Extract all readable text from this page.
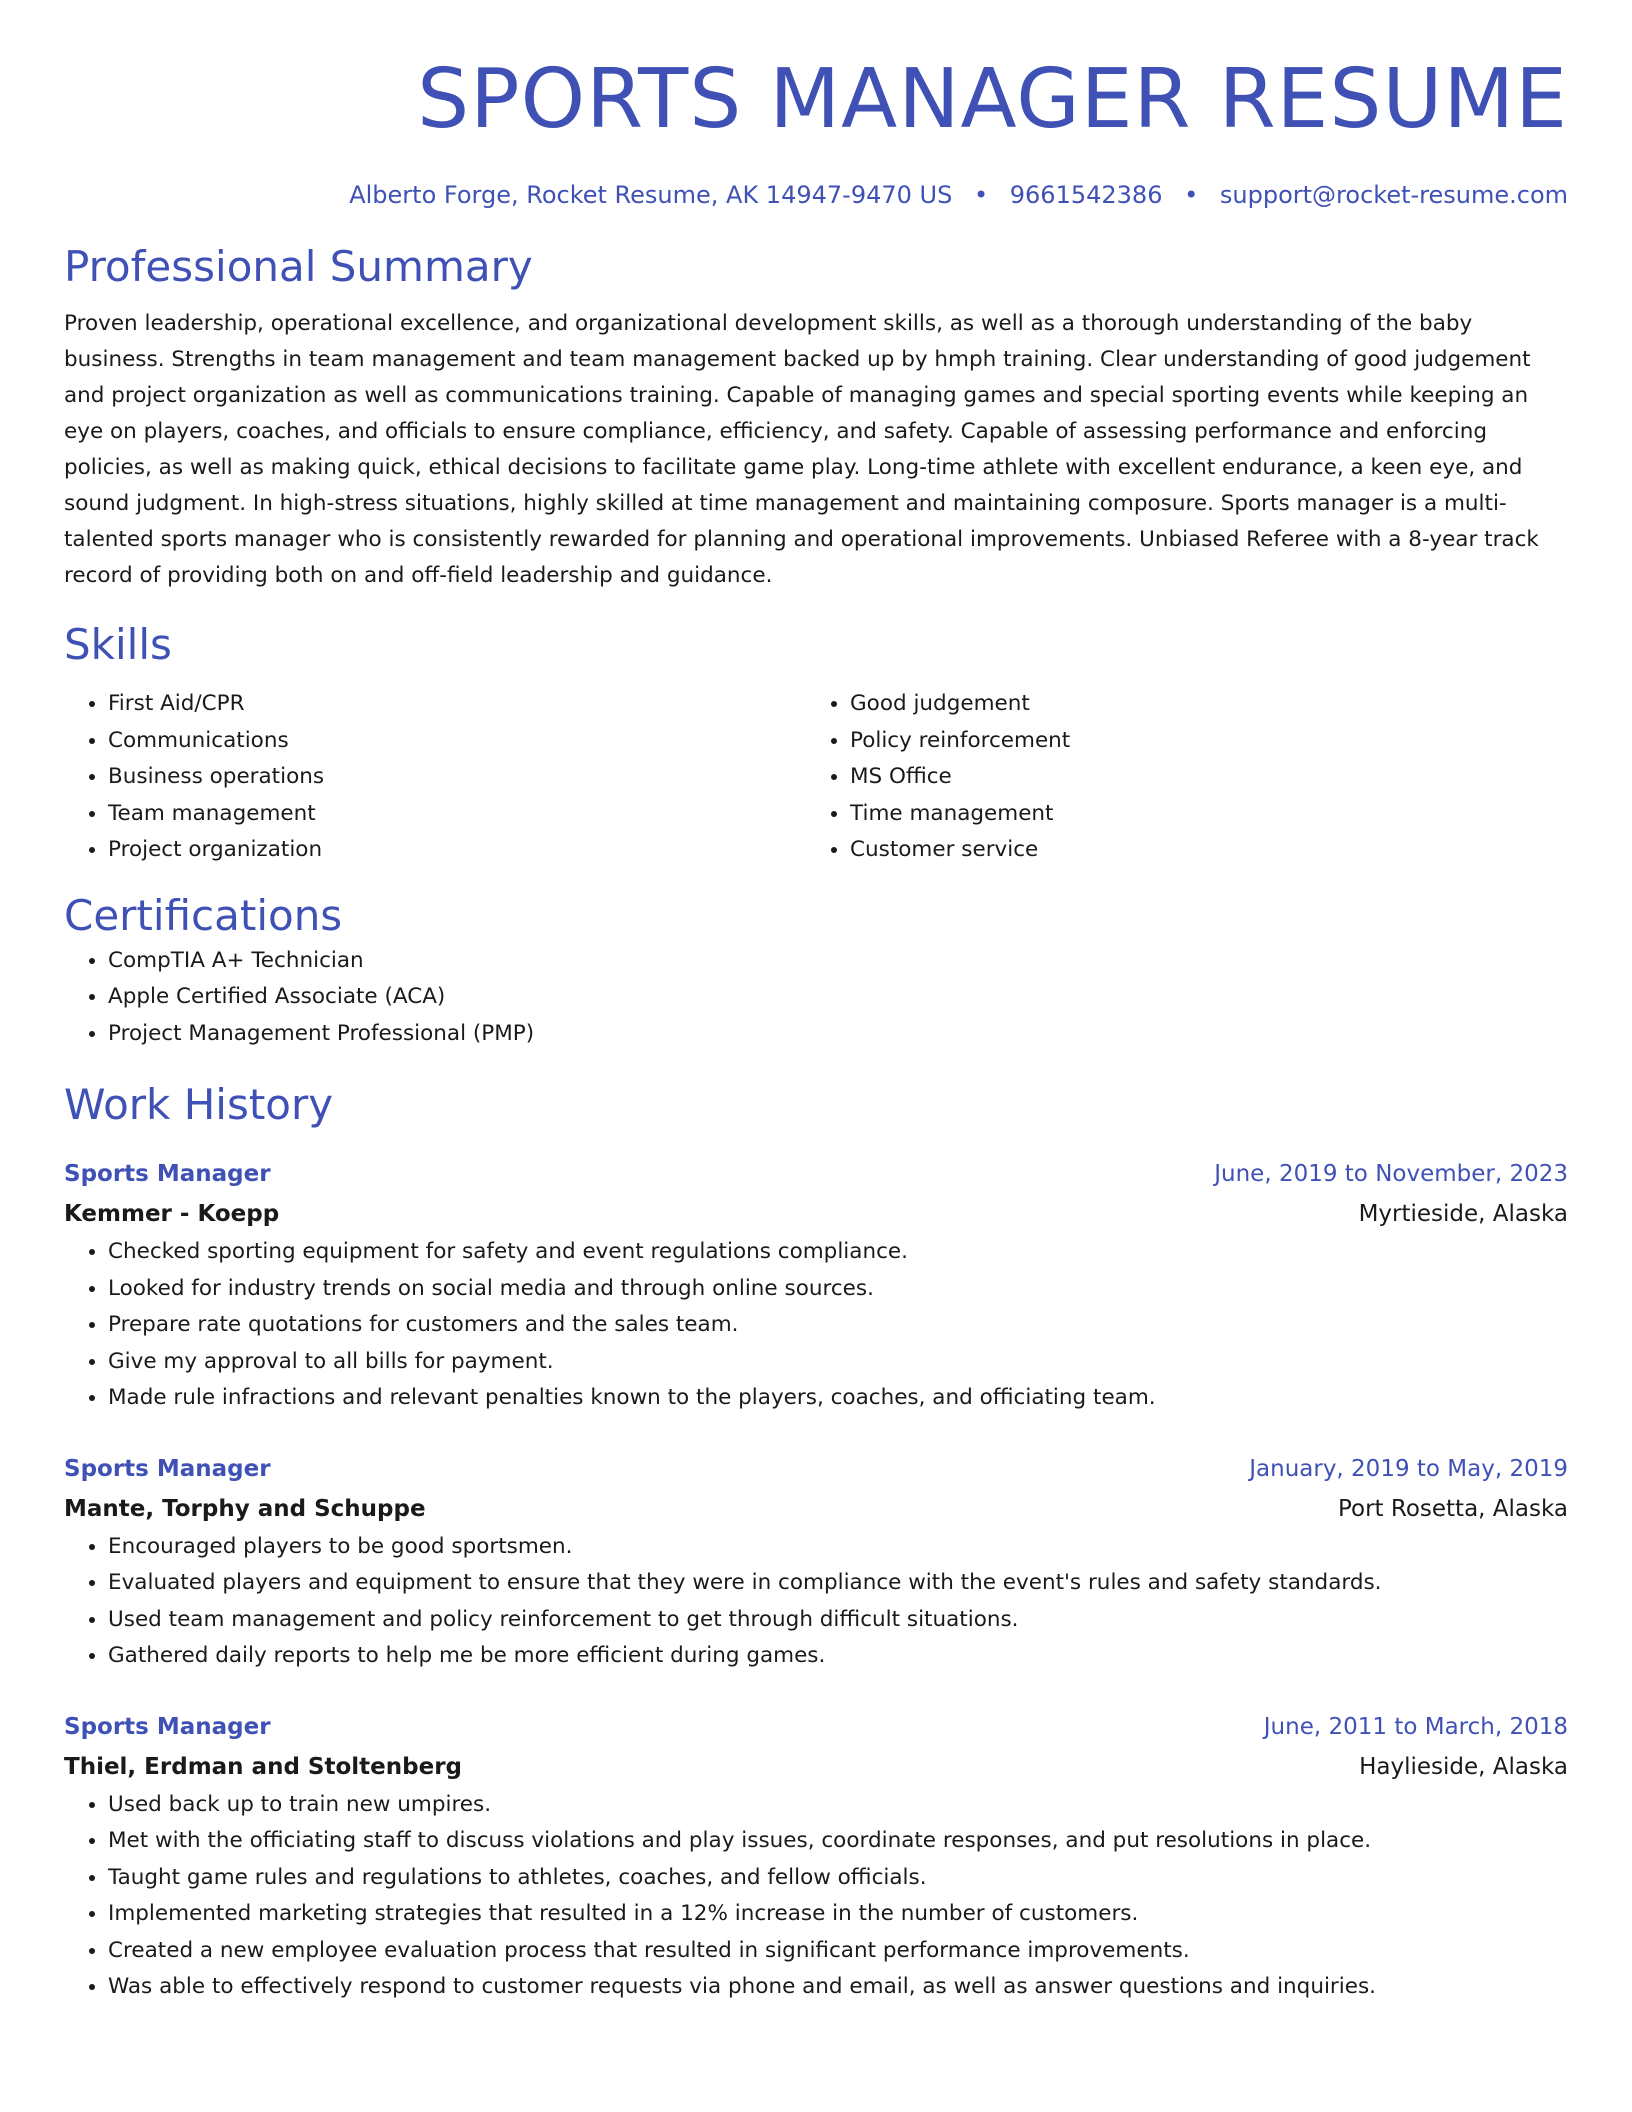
SPORTS MANAGER RESUME
Alberto Forge, Rocket Resume, AK 14947-9470 US • 9661542386 • support@rocket-resume.com
Professional Summary
Proven leadership, operational excellence, and organizational development skills, as well as a thorough understanding of the baby business. Strengths in team management and team management backed up by hmph training. Clear understanding of good judgement and project organization as well as communications training. Capable of managing games and special sporting events while keeping an eye on players, coaches, and officials to ensure compliance, efficiency, and safety. Capable of assessing performance and enforcing policies, as well as making quick, ethical decisions to facilitate game play. Long-time athlete with excellent endurance, a keen eye, and sound judgment. In high-stress situations, highly skilled at time management and maintaining composure. Sports manager is a multi-talented sports manager who is consistently rewarded for planning and operational improvements. Unbiased Referee with a 8-year track record of providing both on and off-field leadership and guidance.
Skills
• First Aid/CPR
• Communications
• Business operations
• Team management
• Project organization
• Good judgement
• Policy reinforcement
• MS Office
• Time management
• Customer service
Certifications
• CompTIA A+ Technician
• Apple Certified Associate (ACA)
• Project Management Professional (PMP)
Work History
Sports Manager	June, 2019 to November, 2023
Kemmer - Koepp	Myrtieside, Alaska
• Checked sporting equipment for safety and event regulations compliance.
• Looked for industry trends on social media and through online sources.
• Prepare rate quotations for customers and the sales team.
• Give my approval to all bills for payment.
• Made rule infractions and relevant penalties known to the players, coaches, and officiating team.
Sports Manager	January, 2019 to May, 2019
Mante, Torphy and Schuppe	Port Rosetta, Alaska
• Encouraged players to be good sportsmen.
• Evaluated players and equipment to ensure that they were in compliance with the event's rules and safety standards.
• Used team management and policy reinforcement to get through difficult situations.
• Gathered daily reports to help me be more efficient during games.
Sports Manager	June, 2011 to March, 2018
Thiel, Erdman and Stoltenberg	Haylieside, Alaska
• Used back up to train new umpires.
• Met with the officiating staff to discuss violations and play issues, coordinate responses, and put resolutions in place.
• Taught game rules and regulations to athletes, coaches, and fellow officials.
• Implemented marketing strategies that resulted in a 12% increase in the number of customers.
• Created a new employee evaluation process that resulted in significant performance improvements.
• Was able to effectively respond to customer requests via phone and email, as well as answer questions and inquiries.
